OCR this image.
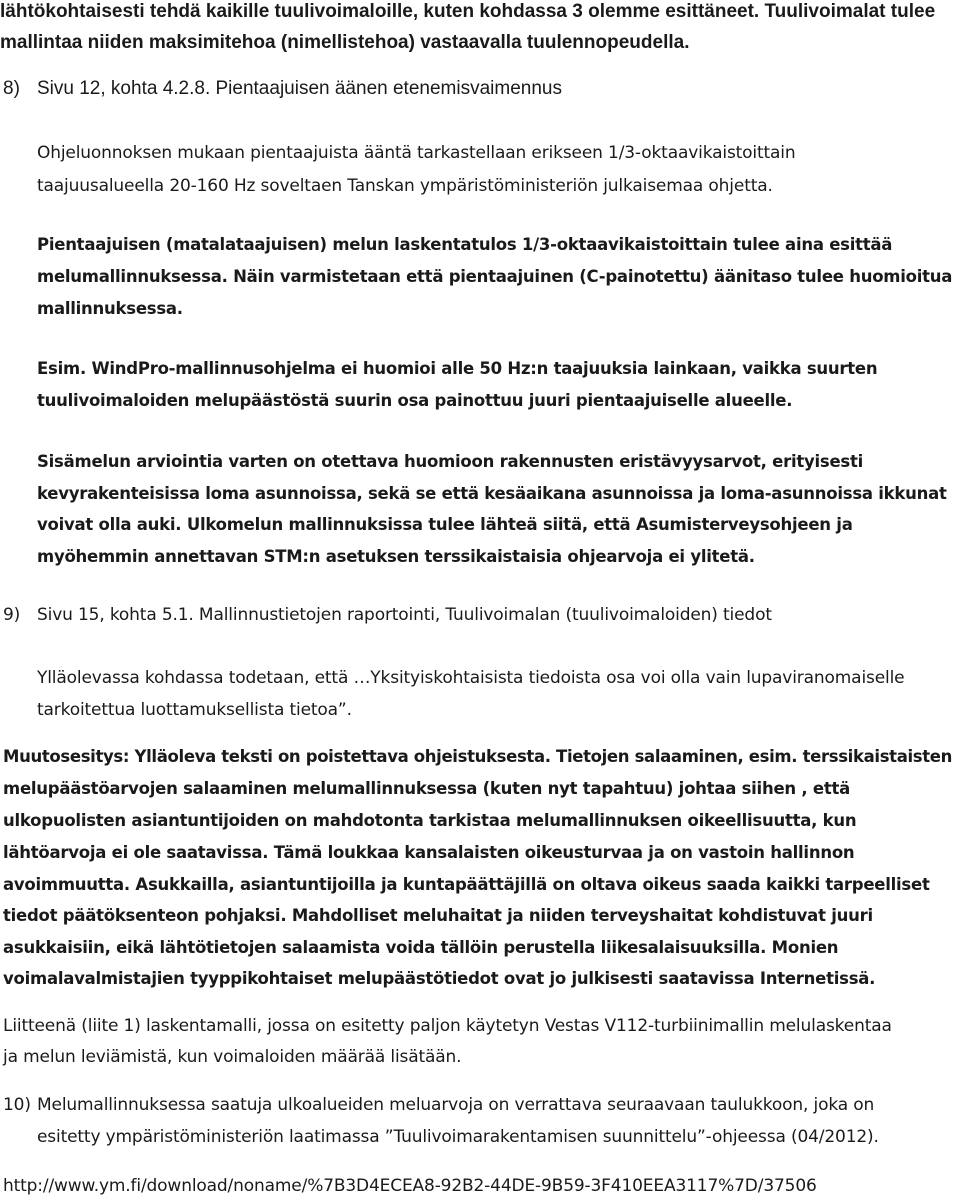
lähtökohtaisesti tehdä kaikille tuulivoimaloille, kuten kohdassa 3 olemme esittäneet. Tuulivoimalat tulee
mallintaa niiden maksimitehoa (nimellistehoa) vastaavalla tuulennopeudella.
8) Sivu 12, kohta 4.2.8. Pientaajuisen äänen etenemisvaimennus
Ohjeluonnoksen mukaan pientaajuista ääntä tarkastellaan erikseen 1/3-oktaavikaistoittain
taajuusalueella 20-160 Hz soveltaen Tanskan ympäristöministeriön julkaisemaa ohjetta.
Pientaajuisen (matalataajuisen) melun laskentatulos 1/3-oktaavikaistoittain tulee aina esittää
melumallinnuksessa. Näin varmistetaan että pientaajuinen (C-painotettu) äänitaso tulee huomioitua
mallinnuksessa.
Esim. WindPro-mallinnusohjelma ei huomioi alle 50 Hz:n taajuuksia lainkaan, vaikka suurten
tuulivoimaloiden melupäästöstä suurin osa painottuu juuri pientaajuiselle alueelle.
Sisämelun arviointia varten on otettava huomioon rakennusten eristävyysarvot, erityisesti
kevyrakenteisissa loma asunnoissa, sekä se että kesäaikana asunnoissa ja loma-asunnoissa ikkunat
voivat olla auki. Ulkomelun mallinnuksissa tulee lähteä siitä, että Asumisterveysohjeen ja
myöhemmin annettavan STM:n asetuksen terssikaistaisia ohjearvoja ei ylitetä.
9) Sivu 15, kohta 5.1. Mallinnustietojen raportointi, Tuulivoimalan (tuulivoimaloiden) tiedot
Ylläolevassa kohdassa todetaan, että …Yksityiskohtaisista tiedoista osa voi olla vain lupaviranomaiselle
tarkoitettua luottamuksellista tietoa”.
Muutosesitys: Ylläoleva teksti on poistettava ohjeistuksesta. Tietojen salaaminen, esim. terssikaistaisten
melupäästöarvojen salaaminen melumallinnuksessa (kuten nyt tapahtuu) johtaa siihen , että
ulkopuolisten asiantuntijoiden on mahdotonta tarkistaa melumallinnuksen oikeellisuutta, kun
lähtöarvoja ei ole saatavissa. Tämä loukkaa kansalaisten oikeusturvaa ja on vastoin hallinnon
avoimmuutta. Asukkailla, asiantuntijoilla ja kuntapäättäjillä on oltava oikeus saada kaikki tarpeelliset
tiedot päätöksenteon pohjaksi. Mahdolliset meluhaitat ja niiden terveyshaitat kohdistuvat juuri
asukkaisiin, eikä lähtötietojen salaamista voida tällöin perustella liikesalaisuuksilla. Monien
voimalavalmistajien tyyppikohtaiset melupäästötiedot ovat jo julkisesti saatavissa Internetissä.
Liitteenä (liite 1) laskentamalli, jossa on esitetty paljon käytetyn Vestas V112-turbiinimallin melulaskentaa
ja melun leviämistä, kun voimaloiden määrää lisätään.
10) Melumallinnuksessa saatuja ulkoalueiden meluarvoja on verrattava seuraavaan taulukkoon, joka on
esitetty ympäristöministeriön laatimassa ”Tuulivoimarakentamisen suunnittelu”-ohjeessa (04/2012).
http://www.ym.fi/download/noname/%7B3D4ECEA8-92B2-44DE-9B59-3F410EEA3117%7D/37506
